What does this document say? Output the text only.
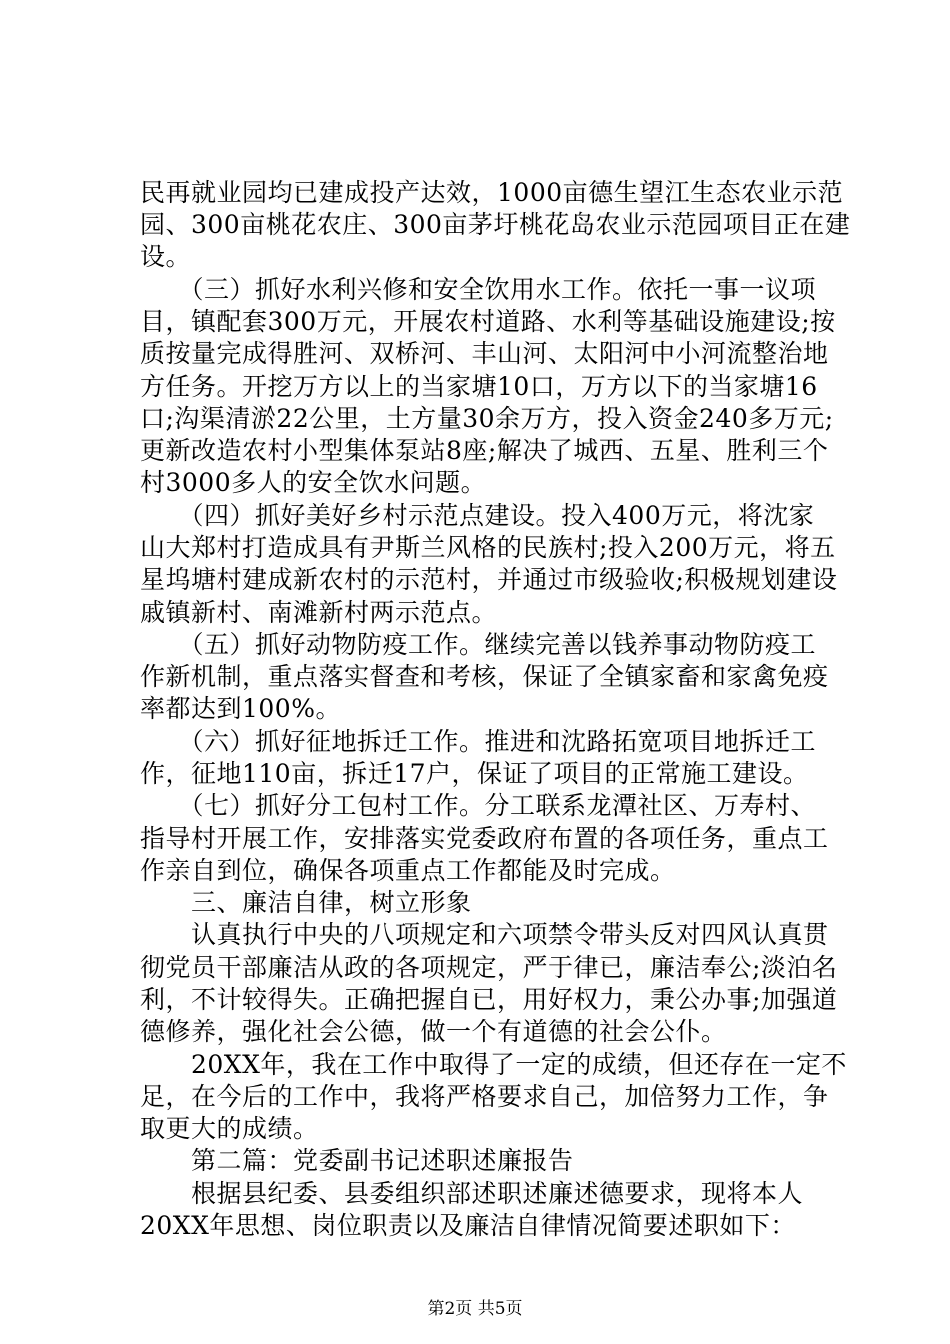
民再就业园均已建成投产达效，1000亩德生望江生态农业示范
园、300亩桃花农庄、300亩茅圩桃花岛农业示范园项目正在建
设。
　　（三）抓好水利兴修和安全饮用水工作。依托一事一议项
目，镇配套300万元，开展农村道路、水利等基础设施建设;按
质按量完成得胜河、双桥河、丰山河、太阳河中小河流整治地
方任务。开挖万方以上的当家塘10口，万方以下的当家塘16
口;沟渠清淤22公里，土方量30余万方，投入资金240多万元;
更新改造农村小型集体泵站8座;解决了城西、五星、胜利三个
村3000多人的安全饮水问题。
　　（四）抓好美好乡村示范点建设。投入400万元，将沈家
山大郑村打造成具有尹斯兰风格的民族村;投入200万元，将五
星坞塘村建成新农村的示范村，并通过市级验收;积极规划建设
戚镇新村、南滩新村两示范点。
　　（五）抓好动物防疫工作。继续完善以钱养事动物防疫工
作新机制，重点落实督查和考核，保证了全镇家畜和家禽免疫
率都达到100%。
　　（六）抓好征地拆迁工作。推进和沈路拓宽项目地拆迁工
作，征地110亩，拆迁17户，保证了项目的正常施工建设。
　　（七）抓好分工包村工作。分工联系龙潭社区、万寿村、
指导村开展工作，安排落实党委政府布置的各项任务，重点工
作亲自到位，确保各项重点工作都能及时完成。
　　三、廉洁自律，树立形象
　　认真执行中央的八项规定和六项禁令带头反对四风认真贯
彻党员干部廉洁从政的各项规定，严于律已，廉洁奉公;淡泊名
利，不计较得失。正确把握自已，用好权力，秉公办事;加强道
德修养，强化社会公德，做一个有道德的社会公仆。
　　20XX年，我在工作中取得了一定的成绩，但还存在一定不
足，在今后的工作中，我将严格要求自己，加倍努力工作，争
取更大的成绩。
　　第二篇：党委副书记述职述廉报告
　　根据县纪委、县委组织部述职述廉述德要求，现将本人
20XX年思想、岗位职责以及廉洁自律情况简要述职如下：
第2页 共5页
